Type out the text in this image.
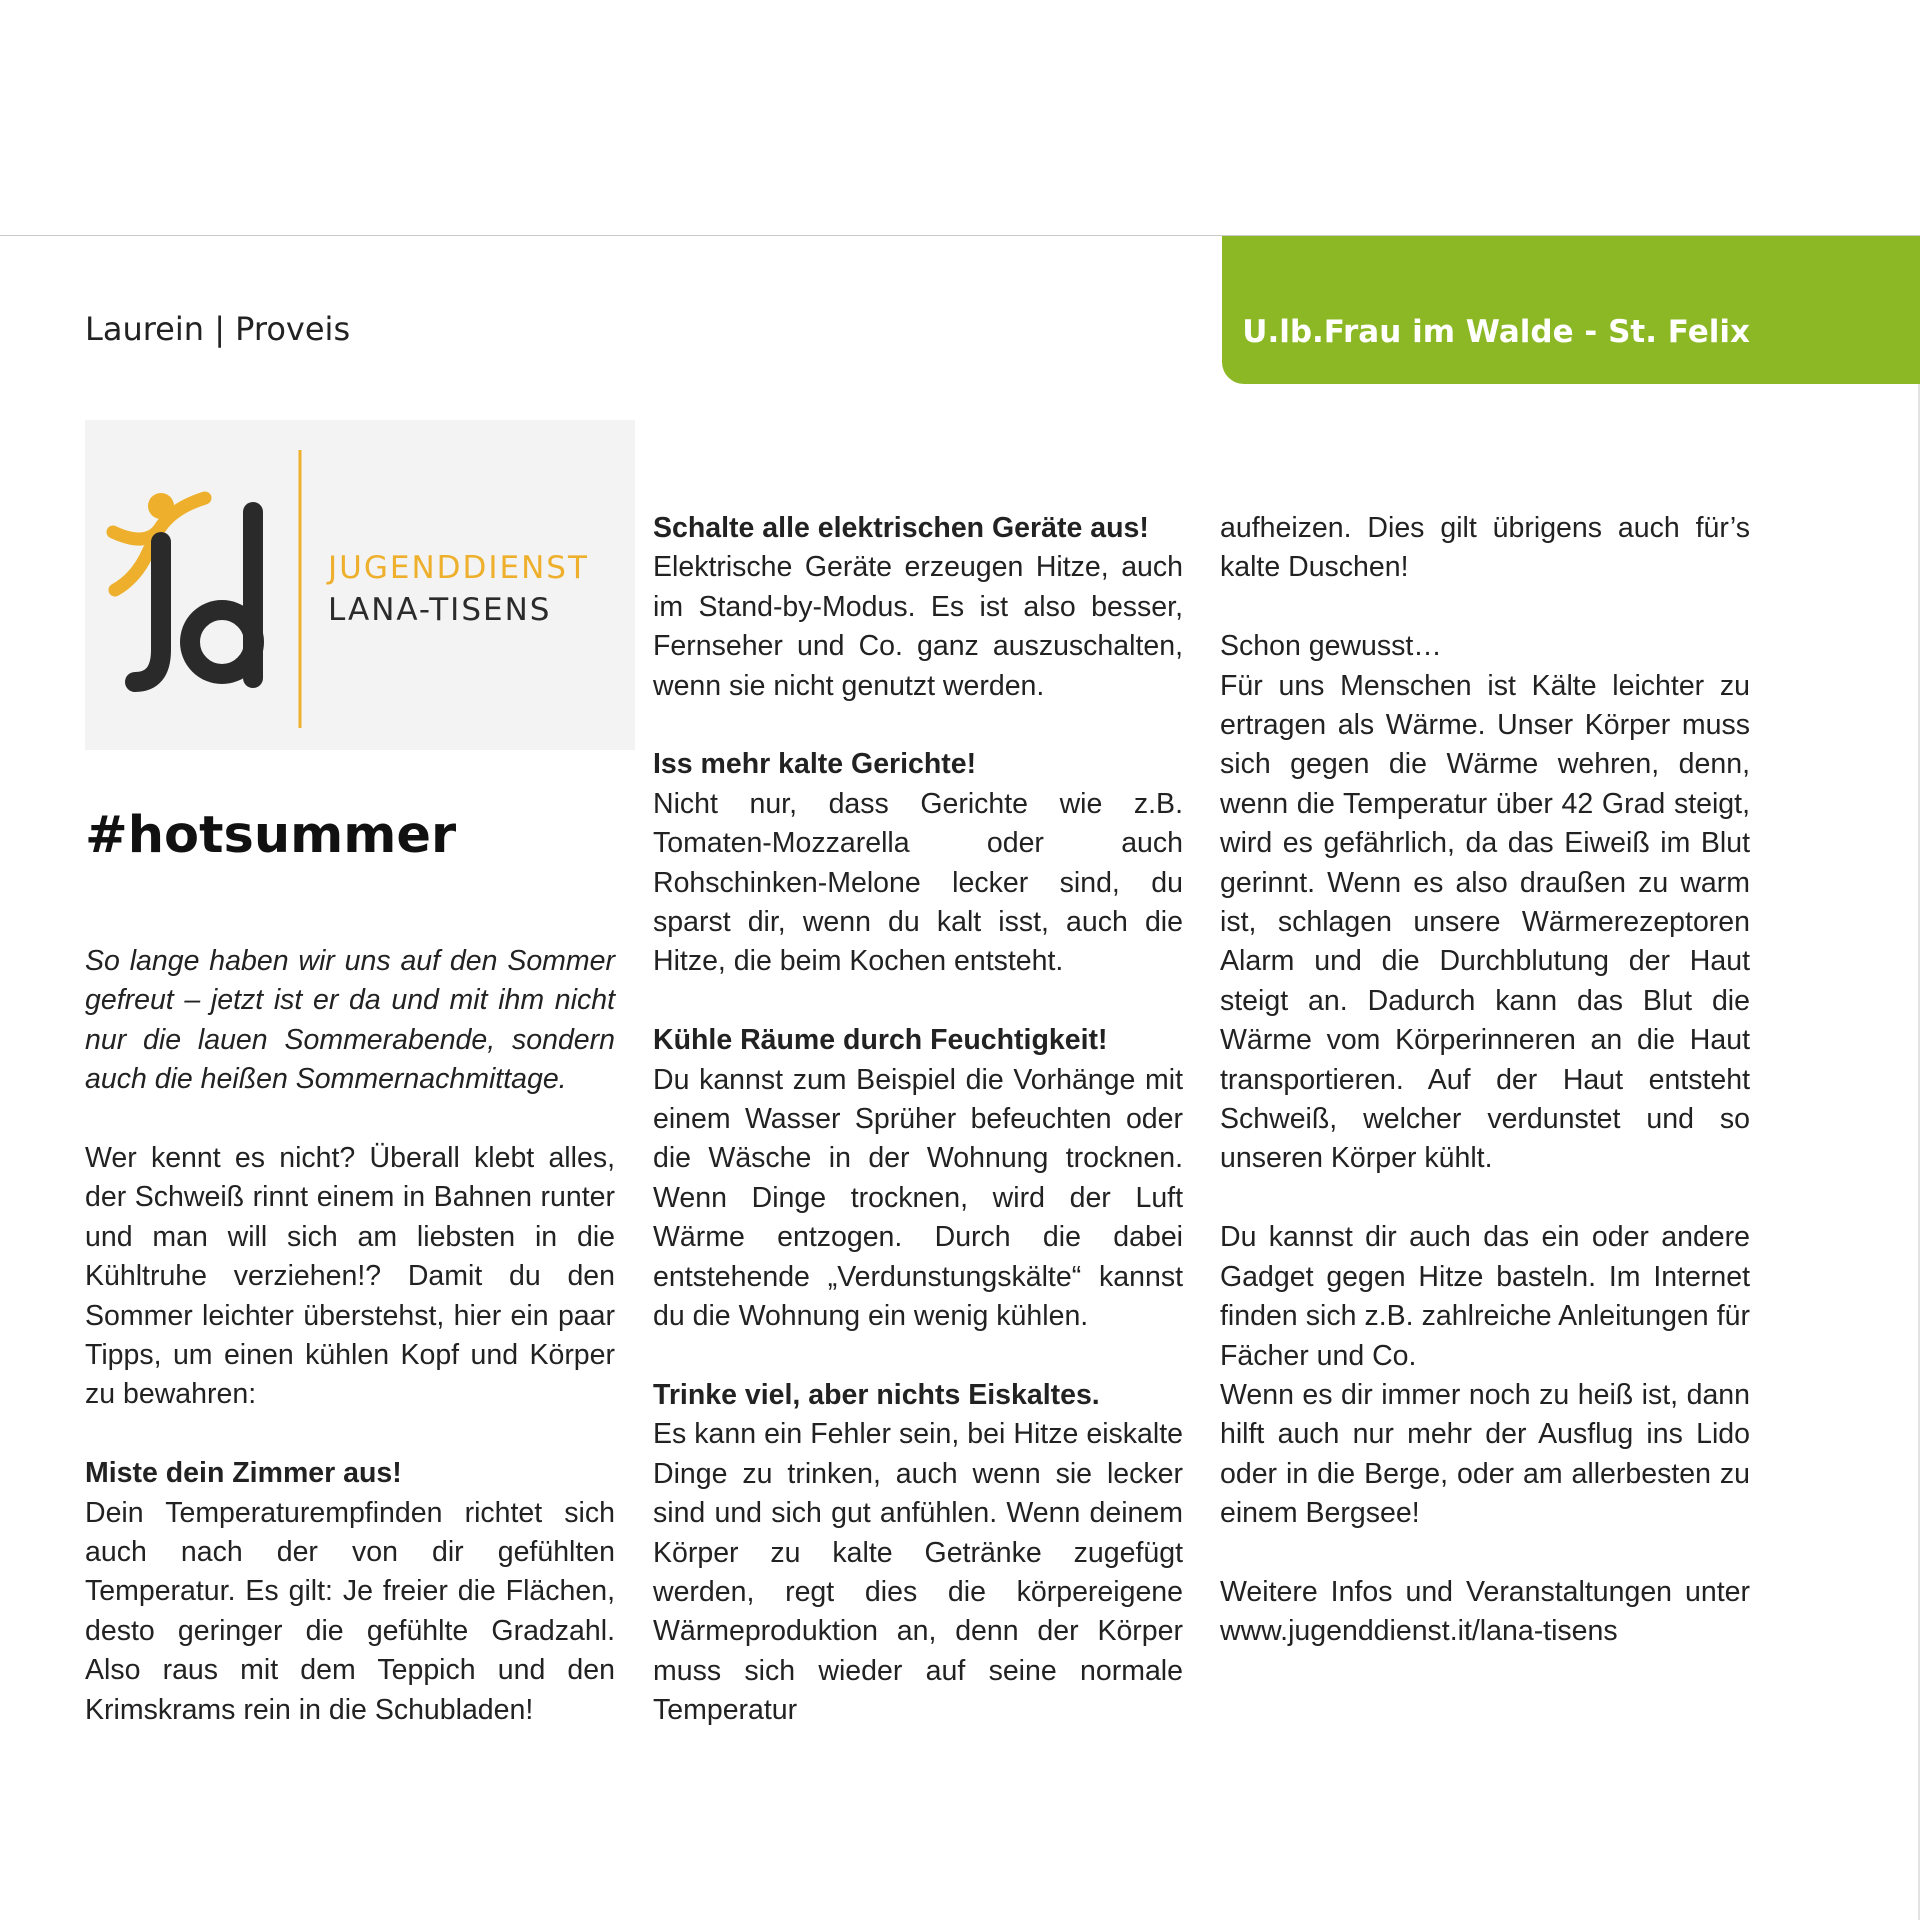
Laurein | Proveis	U.lb.Frau im Walde - St. Felix
JUGENDDIENST
LANA-TISENS
#hotsummer

So lange haben wir uns auf den Sommer gefreut – jetzt ist er da und mit ihm nicht nur die lauen Sommerabende, sondern auch die heißen Sommernachmittage.

Wer kennt es nicht? Überall klebt alles, der Schweiß rinnt einem in Bahnen runter und man will sich am liebsten in die Kühltruhe verziehen!? Damit du den Sommer leichter überstehst, hier ein paar Tipps, um einen kühlen Kopf und Körper zu bewahren:

Miste dein Zimmer aus!

Dein Temperaturempfinden richtet sich auch nach der von dir gefühlten Temperatur. Es gilt: Je freier die Flächen, desto geringer die gefühlte Gradzahl. Also raus mit dem Teppich und den Krimskrams rein in die Schubladen!

Schalte alle elektrischen Geräte aus!

Elektrische Geräte erzeugen Hitze, auch im Stand-by-Modus. Es ist also besser, Fernseher und Co. ganz auszuschalten, wenn sie nicht genutzt werden.

Iss mehr kalte Gerichte!

Nicht nur, dass Gerichte wie z.B. Tomaten-Mozzarella oder auch Rohschinken-Melone lecker sind, du sparst dir, wenn du kalt isst, auch die Hitze, die beim Kochen entsteht.

Kühle Räume durch Feuchtigkeit!

Du kannst zum Beispiel die Vorhänge mit einem Wasser Sprüher befeuchten oder die Wäsche in der Wohnung trocknen. Wenn Dinge trocknen, wird der Luft Wärme entzogen. Durch die dabei entstehende „Verdunstungskälte“ kannst du die Wohnung ein wenig kühlen.

Trinke viel, aber nichts Eiskaltes.

Es kann ein Fehler sein, bei Hitze eiskalte Dinge zu trinken, auch wenn sie lecker sind und sich gut anfühlen. Wenn deinem Körper zu kalte Getränke zugefügt werden, regt dies die körpereigene Wärmeproduktion an, denn der Körper muss sich wieder auf seine normale Temperatur

aufheizen. Dies gilt übrigens auch für’s kalte Duschen!

Schon gewusst…

Für uns Menschen ist Kälte leichter zu ertragen als Wärme. Unser Körper muss sich gegen die Wärme wehren, denn, wenn die Temperatur über 42 Grad steigt, wird es gefährlich, da das Eiweiß im Blut gerinnt. Wenn es also draußen zu warm ist, schlagen unsere Wärmerezeptoren Alarm und die Durchblutung der Haut steigt an. Dadurch kann das Blut die Wärme vom Körperinneren an die Haut transportieren. Auf der Haut entsteht Schweiß, welcher verdunstet und so unseren Körper kühlt.

Du kannst dir auch das ein oder andere Gadget gegen Hitze basteln. Im Internet finden sich z.B. zahlreiche Anleitungen für Fächer und Co.

Wenn es dir immer noch zu heiß ist, dann hilft auch nur mehr der Ausflug ins Lido oder in die Berge, oder am allerbesten zu einem Bergsee!

Weitere Infos und Veranstaltungen unter www.jugenddienst.it/lana-tisens
